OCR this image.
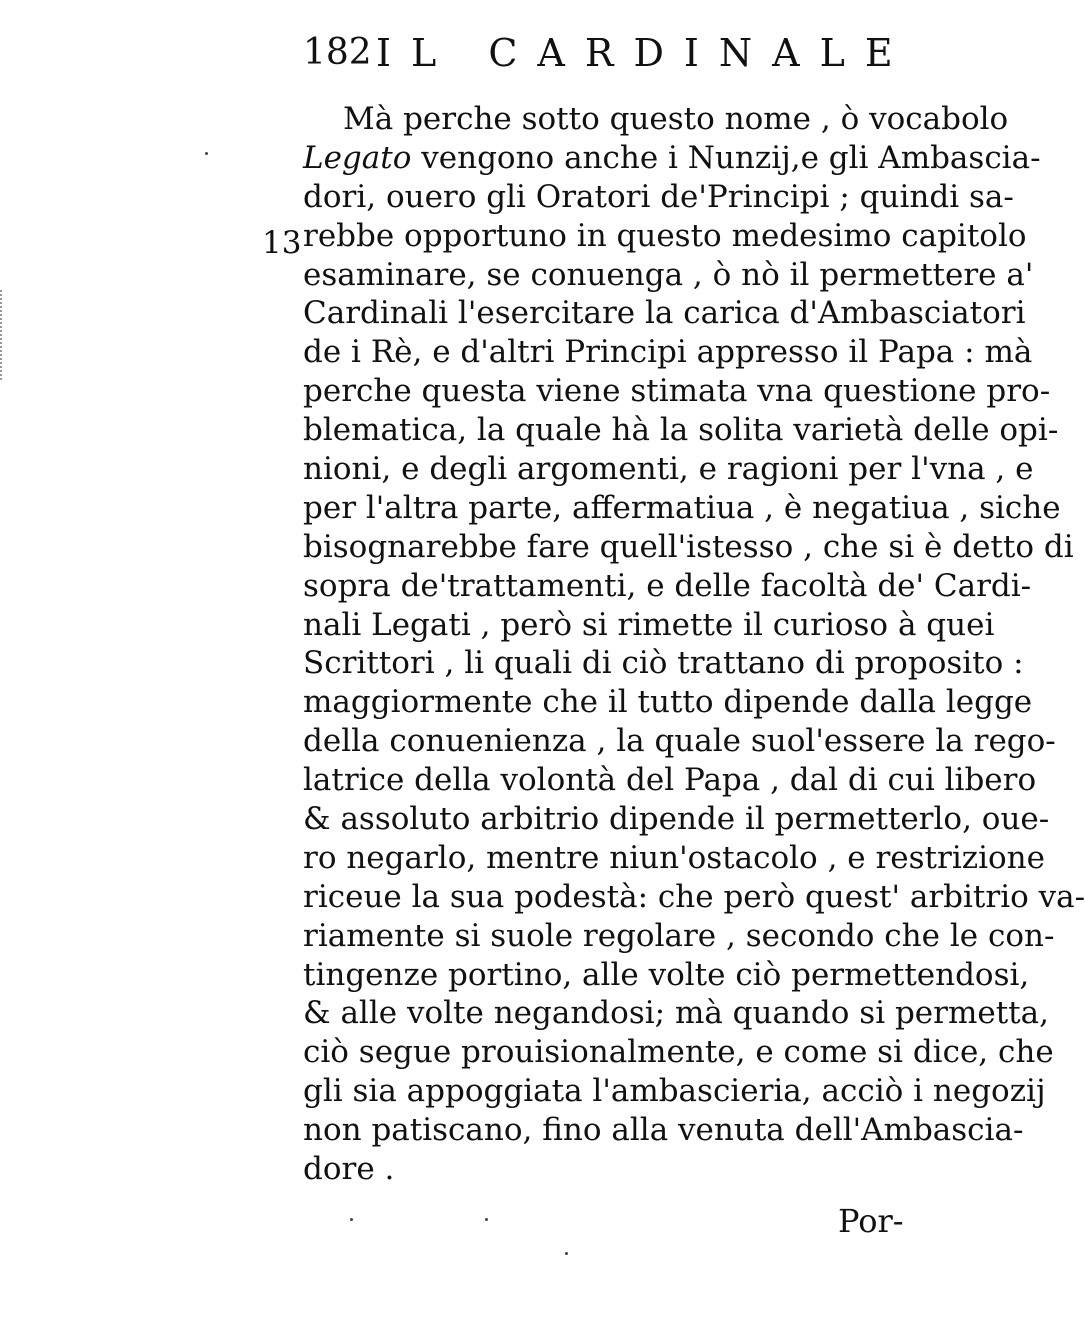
182 IL CARDINALE
13
Mà perche sotto questo nome , ò vocabolo
Legato vengono anche i Nunzij,e gli Ambascia-
dori, ouero gli Oratori de'Principi ; quindi sa-
rebbe opportuno in questo medesimo capitolo
esaminare, se conuenga , ò nò il permettere a'
Cardinali l'esercitare la carica d'Ambasciatori
de i Rè, e d'altri Principi appresso il Papa : mà
perche questa viene stimata vna questione pro-
blematica, la quale hà la solita varietà delle opi-
nioni, e degli argomenti, e ragioni per l'vna , e
per l'altra parte, affermatiua , è negatiua , siche
bisognarebbe fare quell'istesso , che si è detto di
sopra de'trattamenti, e delle facoltà de' Cardi-
nali Legati , però si rimette il curioso à quei
Scrittori , li quali di ciò trattano di proposito :
maggiormente che il tutto dipende dalla legge
della conuenienza , la quale suol'essere la rego-
latrice della volontà del Papa , dal di cui libero
& assoluto arbitrio dipende il permetterlo, oue-
ro negarlo, mentre niun'ostacolo , e restrizione
riceue la sua podestà: che però quest' arbitrio va-
riamente si suole regolare , secondo che le con-
tingenze portino, alle volte ciò permettendosi,
& alle volte negandosi; mà quando si permetta,
ciò segue prouisionalmente, e come si dice, che
gli sia appoggiata l'ambascieria, acciò i negozij
non patiscano, fino alla venuta dell'Ambascia-
dore .
Por-
